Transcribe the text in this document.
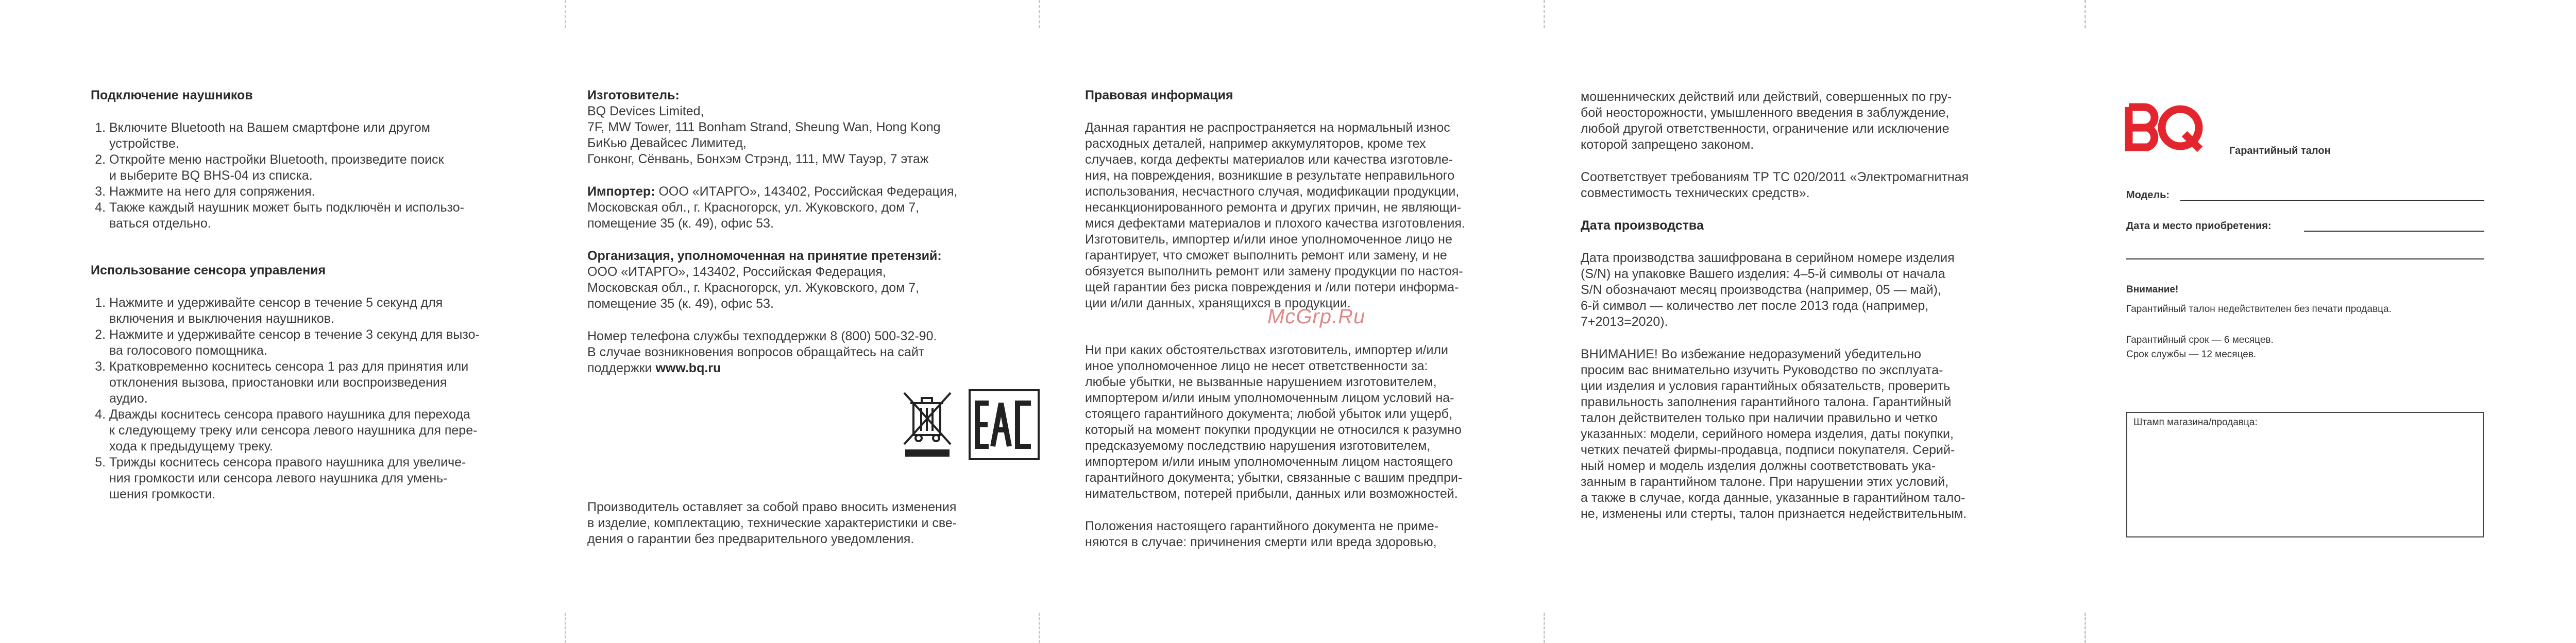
Подключение наушников
1. Включите Bluetooth на Вашем смартфоне или другом
устройстве.
2. Откройте меню настройки Bluetooth, произведите поиск
и выберите BQ BHS-04 из списка.
3. Нажмите на него для сопряжения.
4. Также каждый наушник может быть подключён и использо-
ваться отдельно.
Использование сенсора управления
1. Нажмите и удерживайте сенсор в течение 5 секунд для
включения и выключения наушников.
2. Нажмите и удерживайте сенсор в течение 3 секунд для вызо-
ва голосового помощника.
3. Кратковременно коснитесь сенсора 1 раз для принятия или
отклонения вызова, приостановки или воспроизведения
аудио.
4. Дважды коснитесь сенсора правого наушника для перехода
к следующему треку или сенсора левого наушника для пере-
хода к предыдущему треку.
5. Трижды коснитесь сенсора правого наушника для увеличе-
ния громкости или сенсора левого наушника для умень-
шения громкости.

Изготовитель:
BQ Devices Limited,
7F, MW Tower, 111 Bonham Strand, Sheung Wan, Hong Kong
БиКью Девайсес Лимитед,
Гонконг, Сёнвань, Бонхэм Стрэнд, 111, MW Тауэр, 7 этаж

Импортер: ООО «ИТАРГО», 143402, Российская Федерация,
Московская обл., г. Красногорск, ул. Жуковского, дом 7,
помещение 35 (к. 49), офис 53.

Организация, уполномоченная на принятие претензий:
ООО «ИТАРГО», 143402, Российская Федерация,
Московская обл., г. Красногорск, ул. Жуковского, дом 7,
помещение 35 (к. 49), офис 53.

Номер телефона службы техподдержки 8 (800) 500-32-90.
В случае возникновения вопросов обращайтесь на сайт
поддержки www.bq.ru

Производитель оставляет за собой право вносить изменения
в изделие, комплектацию, технические характеристики и све-
дения о гарантии без предварительного уведомления.

Правовая информация

Данная гарантия не распространяется на нормальный износ
расходных деталей, например аккумуляторов, кроме тех
случаев, когда дефекты материалов или качества изготовле-
ния, на повреждения, возникшие в результате неправильного
использования, несчастного случая, модификации продукции,
несанкционированного ремонта и других причин, не являющи-
мися дефектами материалов и плохого качества изготовления.
Изготовитель, импортер и/или иное уполномоченное лицо не
гарантирует, что сможет выполнить ремонт или замену, и не
обязуется выполнить ремонт или замену продукции по настоя-
щей гарантии без риска повреждения и /или потери информа-
ции и/или данных, хранящихся в продукции.

Ни при каких обстоятельствах изготовитель, импортер и/или
иное уполномоченное лицо не несет ответственности за:
любые убытки, не вызванные нарушением изготовителем,
импортером и/или иным уполномоченным лицом условий на-
стоящего гарантийного документа; любой убыток или ущерб,
который на момент покупки продукции не относился к разумно
предсказуемому последствию нарушения изготовителем,
импортером и/или иным уполномоченным лицом настоящего
гарантийного документа; убытки, связанные с вашим предпри-
нимательством, потерей прибыли, данных или возможностей.

Положения настоящего гарантийного документа не приме-
няются в случае: причинения смерти или вреда здоровью,

мошеннических действий или действий, совершенных по гру-
бой неосторожности, умышленного введения в заблуждение,
любой другой ответственности, ограничение или исключение
которой запрещено законом.

Соответствует требованиям ТР ТС 020/2011 «Электромагнитная
совместимость технических средств».

Дата производства

Дата производства зашифрована в серийном номере изделия
(S/N) на упаковке Вашего изделия: 4–5-й символы от начала
S/N обозначают месяц производства (например, 05 — май),
6-й символ — количество лет после 2013 года (например,
7+2013=2020).

ВНИМАНИЕ! Во избежание недоразумений убедительно
просим вас внимательно изучить Руководство по эксплуата-
ции изделия и условия гарантийных обязательств, проверить
правильность заполнения гарантийного талона. Гарантийный
талон действителен только при наличии правильно и четко
указанных: модели, серийного номера изделия, даты покупки,
четких печатей фирмы-продавца, подписи покупателя. Серий-
ный номер и модель изделия должны соответствовать ука-
занным в гарантийном талоне. При нарушении этих условий,
а также в случае, когда данные, указанные в гарантийном тало-
не, изменены или стерты, талон признается недействительным.

McGrp.Ru
Гарантийный талон
Модель:
Дата и место приобретения:
Внимание!
Гарантийный талон недействителен без печати продавца.
Гарантийный срок — 6 месяцев.
Срок службы — 12 месяцев.
Штамп магазина/продавца:
